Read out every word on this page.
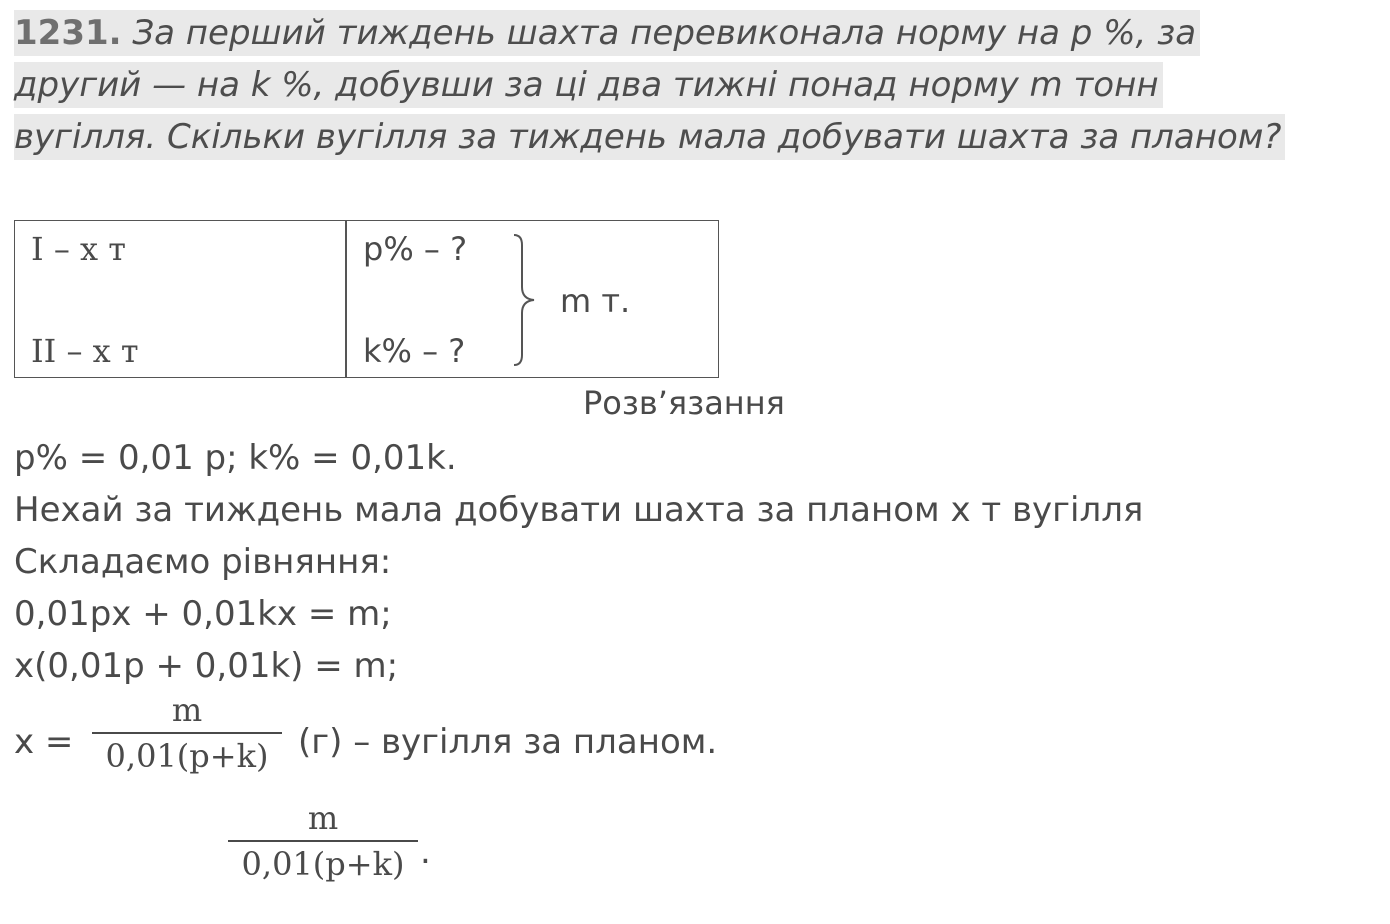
1231. За перший тиждень шахта перевиконала норму на p %, за
другий — на k %, добувши за ці два тижні понад норму m тонн
вугілля. Скільки вугілля за тиждень мала добувати шахта за планом?
I – x т
II – x т
p% – ?
k% – ?
m т.
Розв’язання
p% = 0,01 p; k% = 0,01k.
Нехай за тиждень мала добувати шахта за планом x т вугілля
Складаємо рівняння:
0,01px + 0,01kx = m;
x(0,01p + 0,01k) = m;
x =
m
0,01(p+k) (г) – вугілля за планом.
m
0,01(p+k) .
